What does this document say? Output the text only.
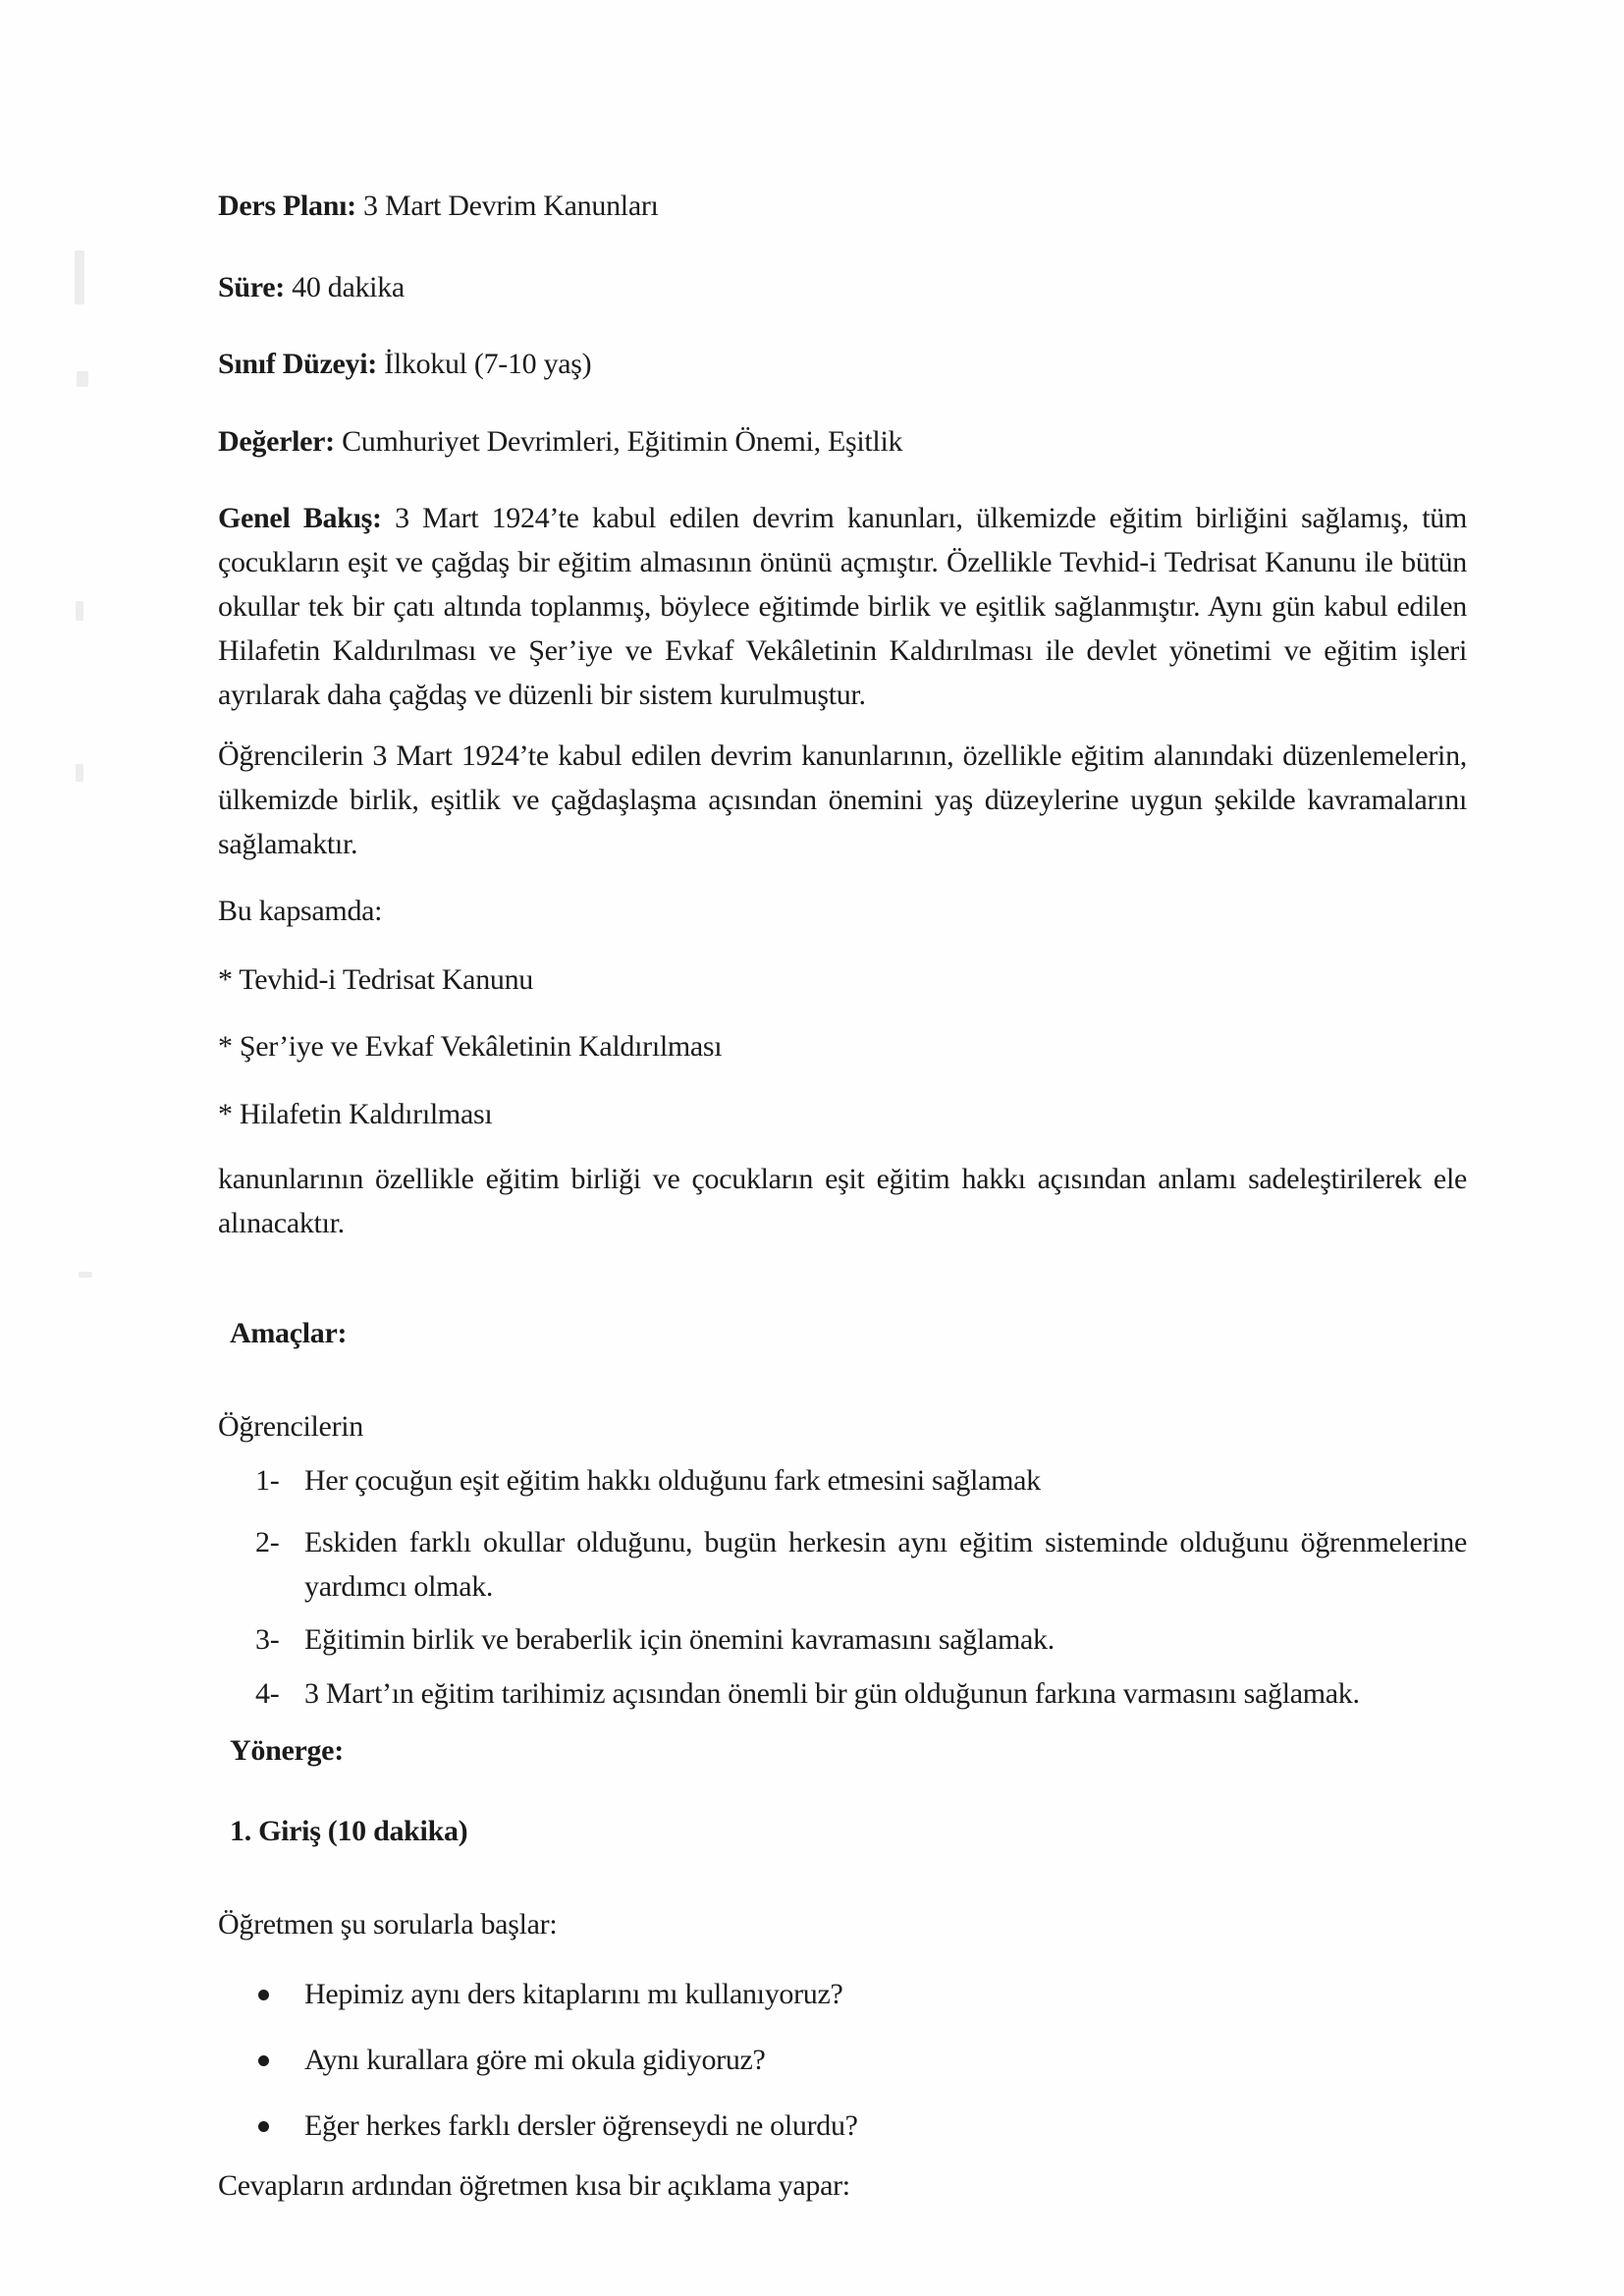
Ders Planı: 3 Mart Devrim Kanunları

Süre: 40 dakika

Sınıf Düzeyi: İlkokul (7-10 yaş)

Değerler: Cumhuriyet Devrimleri, Eğitimin Önemi, Eşitlik

Genel Bakış: 3 Mart 1924’te kabul edilen devrim kanunları, ülkemizde eğitim birliğini sağlamış, tüm çocukların eşit ve çağdaş bir eğitim almasının önünü açmıştır. Özellikle Tevhid-i Tedrisat Kanunu ile bütün okullar tek bir çatı altında toplanmış, böylece eğitimde birlik ve eşitlik sağlanmıştır. Aynı gün kabul edilen Hilafetin Kaldırılması ve Şer’iye ve Evkaf Vekâletinin Kaldırılması ile devlet yönetimi ve eğitim işleri ayrılarak daha çağdaş ve düzenli bir sistem kurulmuştur.

Öğrencilerin 3 Mart 1924’te kabul edilen devrim kanunlarının, özellikle eğitim alanındaki düzenlemelerin, ülkemizde birlik, eşitlik ve çağdaşlaşma açısından önemini yaş düzeylerine uygun şekilde kavramalarını sağlamaktır.

Bu kapsamda:

* Tevhid-i Tedrisat Kanunu

* Şer’iye ve Evkaf Vekâletinin Kaldırılması

* Hilafetin Kaldırılması

kanunlarının özellikle eğitim birliği ve çocukların eşit eğitim hakkı açısından anlamı sadeleştirilerek ele alınacaktır.

Amaçlar:

Öğrencilerin

1- Her çocuğun eşit eğitim hakkı olduğunu fark etmesini sağlamak
2- Eskiden farklı okullar olduğunu, bugün herkesin aynı eğitim sisteminde olduğunu öğrenmelerine yardımcı olmak.
3- Eğitimin birlik ve beraberlik için önemini kavramasını sağlamak.
4- 3 Mart’ın eğitim tarihimiz açısından önemli bir gün olduğunun farkına varmasını sağlamak.

Yönerge:

1. Giriş (10 dakika)

Öğretmen şu sorularla başlar:

Hepimiz aynı ders kitaplarını mı kullanıyoruz?
Aynı kurallara göre mi okula gidiyoruz?
Eğer herkes farklı dersler öğrenseydi ne olurdu?

Cevapların ardından öğretmen kısa bir açıklama yapar:
